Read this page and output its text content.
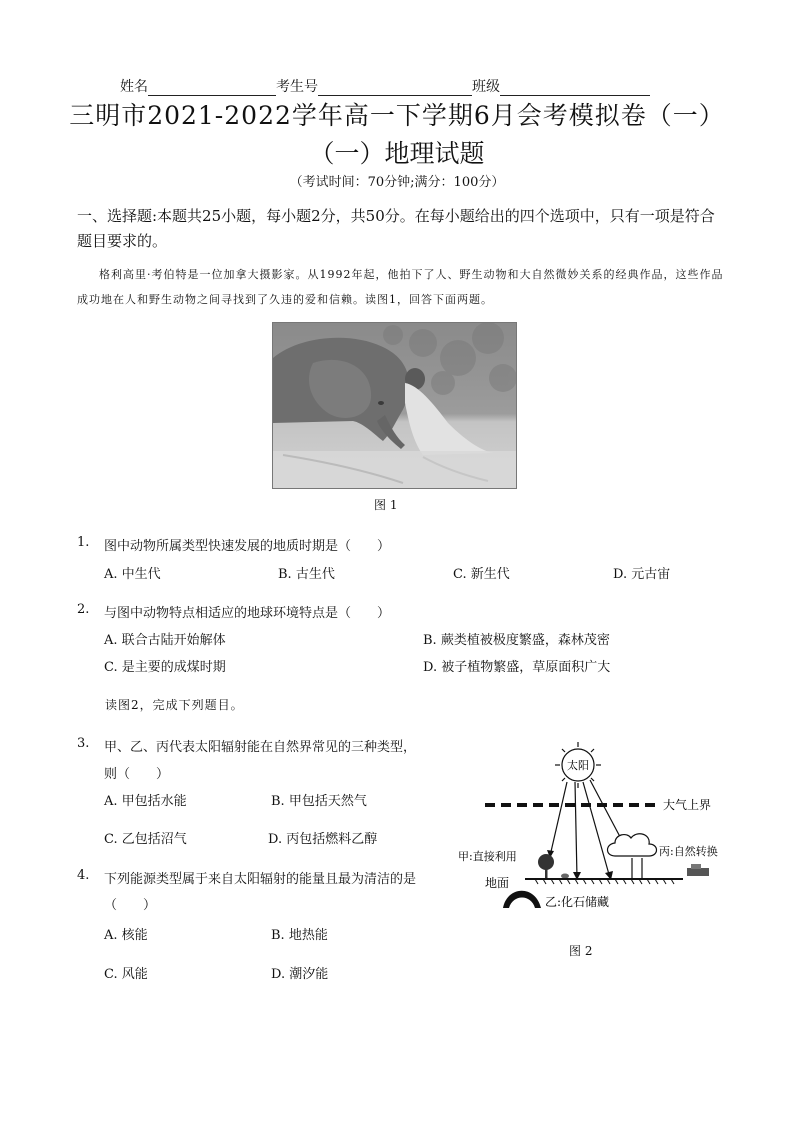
姓名	考生号	班级
三明市2021-2022学年高一下学期6月会考模拟卷（一）
（一）地理试题
（考试时间：70分钟;满分：100分）
一、选择题:本题共25小题，每小题2分，共50分。在每小题给出的四个选项中，只有一项是符合题目要求的。
格利高里·考伯特是一位加拿大摄影家。从1992年起，他拍下了人、野生动物和大自然微妙关系的经典作品，这些作品成功地在人和野生动物之间寻找到了久违的爱和信赖。读图1，回答下面两题。
图 1
1.	图中动物所属类型快速发展的地质时期是（　　）
A. 中生代	B. 古生代	C. 新生代	D. 元古宙
2.	与图中动物特点相适应的地球环境特点是（　　）
A. 联合古陆开始解体	B. 蕨类植被极度繁盛，森林茂密
C. 是主要的成煤时期	D. 被子植物繁盛，草原面积广大
读图2，完成下列题目。
3.	甲、乙、丙代表太阳辐射能在自然界常见的三种类型，
则（　　）
A. 甲包括水能	B. 甲包括天然气
C. 乙包括沼气	D. 丙包括燃料乙醇
4.	下列能源类型属于来自太阳辐射的能量且最为清洁的是
（　　）
A. 核能	B. 地热能
C. 风能	D. 潮汐能
太阳
大气上界
甲:直接利用	丙:自然转换
地面
乙:化石储藏
图 2
